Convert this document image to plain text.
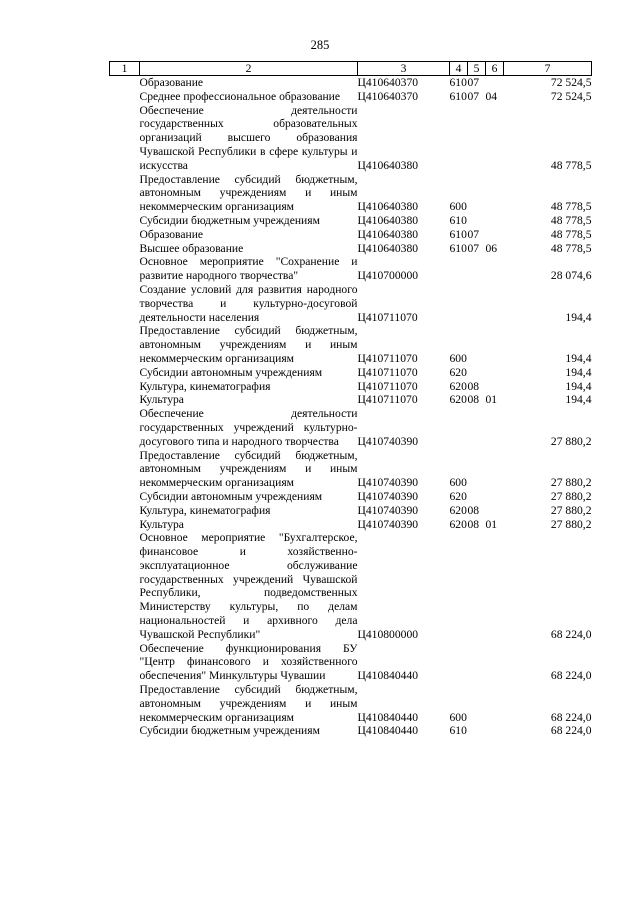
285
1	2	3	4	5	6	7
	Образование	Ц410640370	610	07		72 524,5
	Среднее профессиональное образование	Ц410640370	610	07	04	72 524,5
	Обеспечение деятельности государственных образовательных организаций высшего образования Чувашской Республики в сфере культуры и искусства	Ц410640380				48 778,5
	Предоставление субсидий бюджетным, автономным учреждениям и иным некоммерческим организациям	Ц410640380	600			48 778,5
	Субсидии бюджетным учреждениям	Ц410640380	610			48 778,5
	Образование	Ц410640380	610	07		48 778,5
	Высшее образование	Ц410640380	610	07	06	48 778,5
	Основное мероприятие "Сохранение и развитие народного творчества"	Ц410700000				28 074,6
	Создание условий для развития народного творчества и культурно-досуговой деятельности населения	Ц410711070				194,4
	Предоставление субсидий бюджетным, автономным учреждениям и иным некоммерческим организациям	Ц410711070	600			194,4
	Субсидии автономным учреждениям	Ц410711070	620			194,4
	Культура, кинематография	Ц410711070	620	08		194,4
	Культура	Ц410711070	620	08	01	194,4
	Обеспечение деятельности государственных учреждений культурно-досугового типа и народного творчества	Ц410740390				27 880,2
	Предоставление субсидий бюджетным, автономным учреждениям и иным некоммерческим организациям	Ц410740390	600			27 880,2
	Субсидии автономным учреждениям	Ц410740390	620			27 880,2
	Культура, кинематография	Ц410740390	620	08		27 880,2
	Культура	Ц410740390	620	08	01	27 880,2
	Основное мероприятие "Бухгалтерское, финансовое и хозяйственно-эксплуатационное обслуживание государственных учреждений Чувашской Республики, подведомственных Министерству культуры, по делам национальностей и архивного дела Чувашской Республики"	Ц410800000				68 224,0
	Обеспечение функционирования БУ "Центр финансового и хозяйственного обеспечения" Минкультуры Чувашии	Ц410840440				68 224,0
	Предоставление субсидий бюджетным, автономным учреждениям и иным некоммерческим организациям	Ц410840440	600			68 224,0
	Субсидии бюджетным учреждениям	Ц410840440	610			68 224,0
